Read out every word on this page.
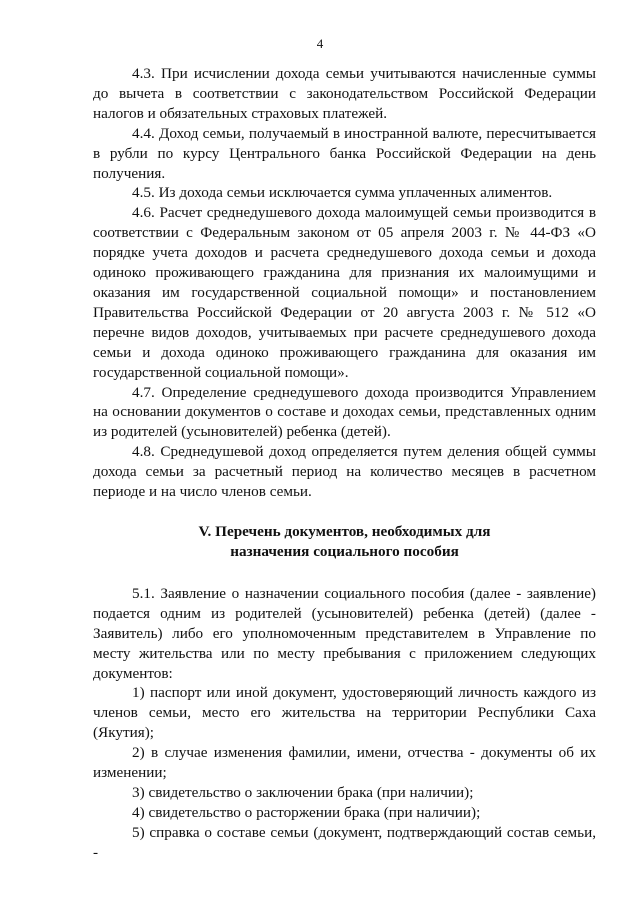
4

4.3. При исчислении дохода семьи учитываются начисленные суммы до вычета в соответствии с законодательством Российской Федерации налогов и обязательных страховых платежей.

4.4. Доход семьи, получаемый в иностранной валюте, пересчитывается в рубли по курсу Центрального банка Российской Федерации на день получения.

4.5. Из дохода семьи исключается сумма уплаченных алиментов.

4.6. Расчет среднедушевого дохода малоимущей семьи производится в соответствии с Федеральным законом от 05 апреля 2003 г. № 44-ФЗ «О порядке учета доходов и расчета среднедушевого дохода семьи и дохода одиноко проживающего гражданина для признания их малоимущими и оказания им государственной социальной помощи» и постановлением Правительства Российской Федерации от 20 августа 2003 г. № 512 «О перечне видов доходов, учитываемых при расчете среднедушевого дохода семьи и дохода одиноко проживающего гражданина для оказания им государственной социальной помощи».

4.7. Определение среднедушевого дохода производится Управлением на основании документов о составе и доходах семьи, представленных одним из родителей (усыновителей) ребенка (детей).

4.8. Среднедушевой доход определяется путем деления общей суммы дохода семьи за расчетный период на количество месяцев в расчетном периоде и на число членов семьи.

V. Перечень документов, необходимых для
назначения социального пособия

5.1. Заявление о назначении социального пособия (далее - заявление) подается одним из родителей (усыновителей) ребенка (детей) (далее - Заявитель) либо его уполномоченным представителем в Управление по месту жительства или по месту пребывания с приложением следующих документов:

1) паспорт или иной документ, удостоверяющий личность каждого из членов семьи, место его жительства на территории Республики Саха (Якутия);

2) в случае изменения фамилии, имени, отчества - документы об их изменении;

3) свидетельство о заключении брака (при наличии);

4) свидетельство о расторжении брака (при наличии);

5) справка о составе семьи (документ, подтверждающий состав семьи, -
